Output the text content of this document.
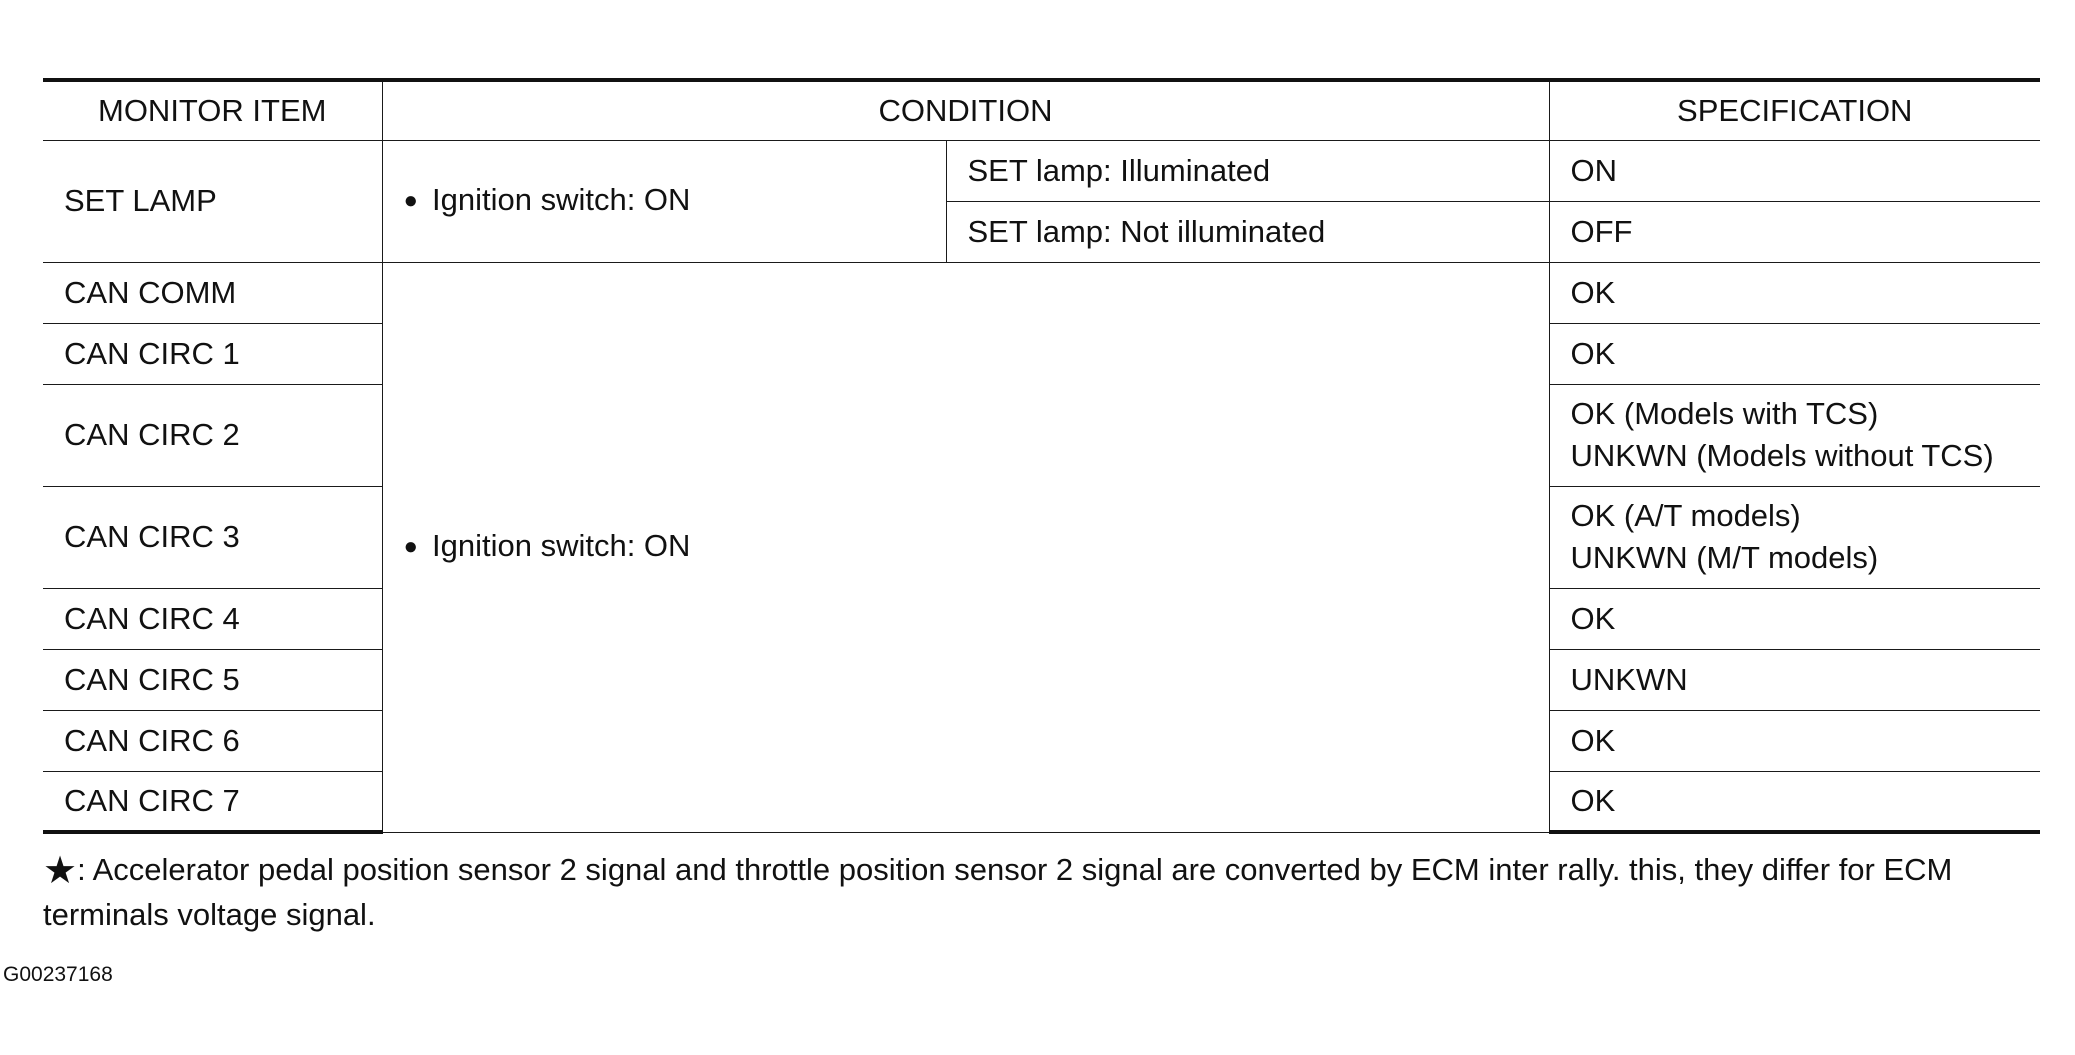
MONITOR ITEM	CONDITION		SPECIFICATION
SET LAMP	●Ignition switch: ON	SET lamp: Illuminated	ON
		SET lamp: Not illuminated	OFF
CAN COMM	● Ignition switch: ON		OK
CAN CIRC 1			OK
CAN CIRC 2			OK (Models with TCS)
UNKWN (Models without TCS)

CAN CIRC 3			OK (A/T models)
UNKWN (M/T models)

CAN CIRC 4			OK
CAN CIRC 5			UNKWN
CAN CIRC 6			OK
CAN CIRC 7			OK
★: Accelerator pedal position sensor 2 signal and throttle position sensor 2 signal are converted by ECM inter rally. this, they differ for ECM terminals voltage signal.
G00237168
